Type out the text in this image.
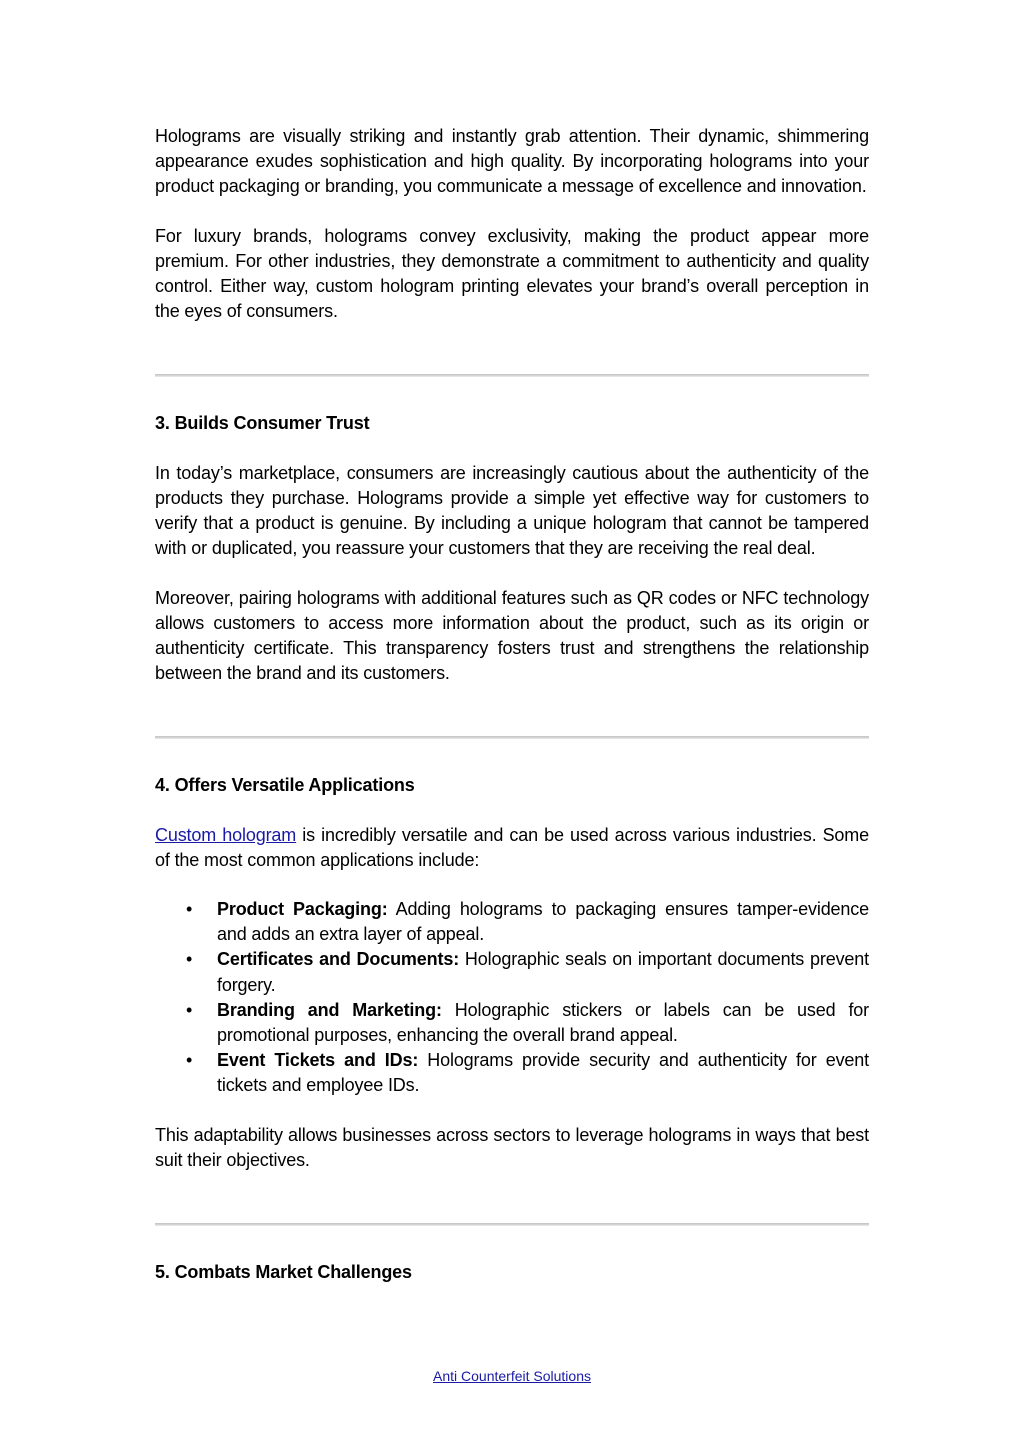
Holograms are visually striking and instantly grab attention. Their dynamic, shimmering appearance exudes sophistication and high quality. By incorporating holograms into your product packaging or branding, you communicate a message of excellence and innovation.

For luxury brands, holograms convey exclusivity, making the product appear more premium. For other industries, they demonstrate a commitment to authenticity and quality control. Either way, custom hologram printing elevates your brand’s overall perception in the eyes of consumers.

3. Builds Consumer Trust

In today’s marketplace, consumers are increasingly cautious about the authenticity of the products they purchase. Holograms provide a simple yet effective way for customers to verify that a product is genuine. By including a unique hologram that cannot be tampered with or duplicated, you reassure your customers that they are receiving the real deal.

Moreover, pairing holograms with additional features such as QR codes or NFC technology allows customers to access more information about the product, such as its origin or authenticity certificate. This transparency fosters trust and strengthens the relationship between the brand and its customers.

4. Offers Versatile Applications

Custom hologram is incredibly versatile and can be used across various industries. Some of the most common applications include:

• Product Packaging: Adding holograms to packaging ensures tamper-evidence and adds an extra layer of appeal.
• Certificates and Documents: Holographic seals on important documents prevent forgery.
• Branding and Marketing: Holographic stickers or labels can be used for promotional purposes, enhancing the overall brand appeal.
• Event Tickets and IDs: Holograms provide security and authenticity for event tickets and employee IDs.

This adaptability allows businesses across sectors to leverage holograms in ways that best suit their objectives.

5. Combats Market Challenges
Anti Counterfeit Solutions
